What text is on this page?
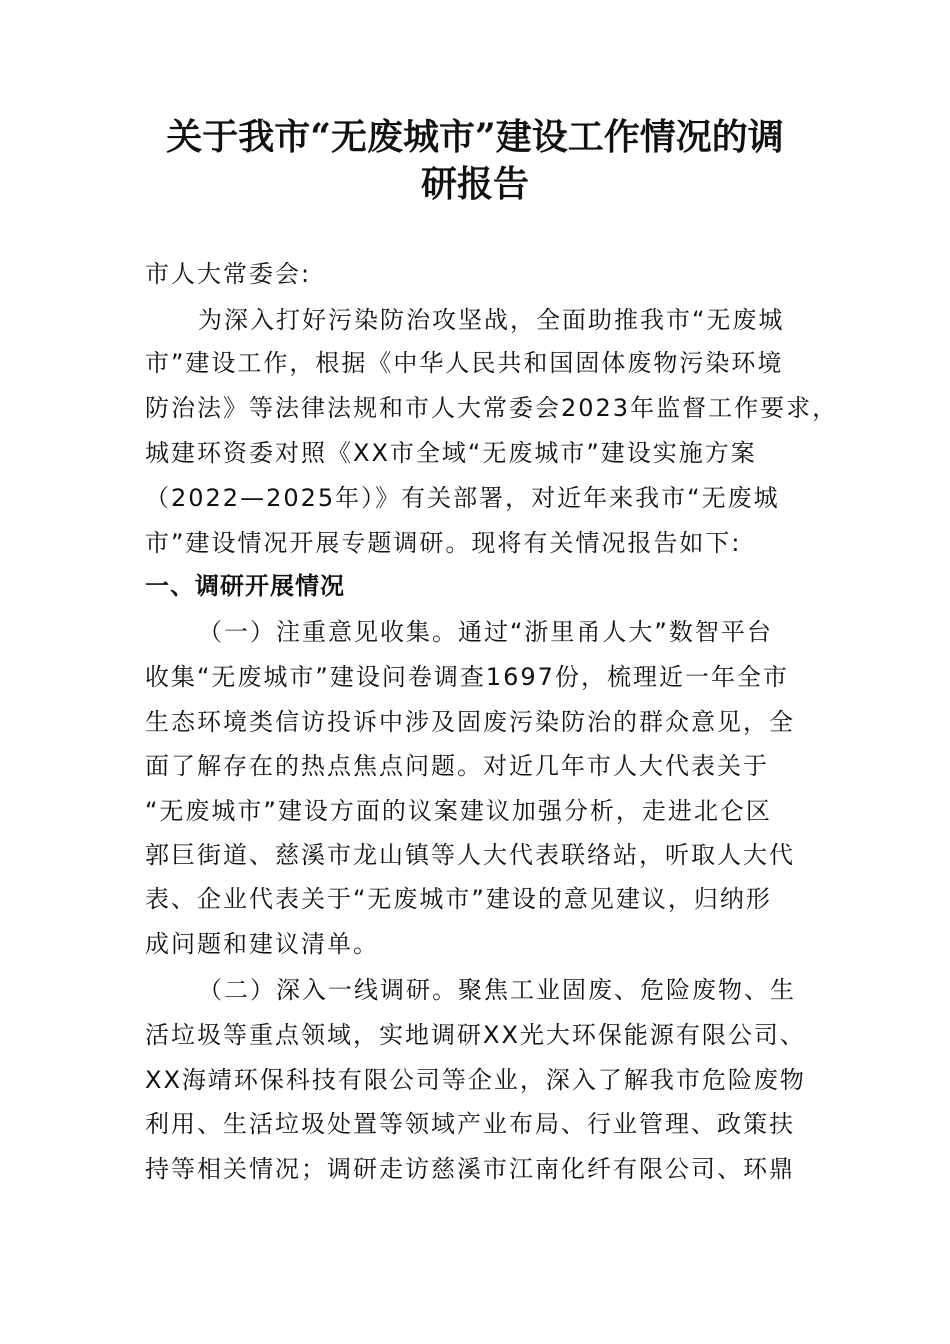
关于我市“无废城市”建设工作情况的调
研报告

市人大常委会:

为深入打好污染防治攻坚战，全面助推我市“无废城

市”建设工作，根据《中华人民共和国固体废物污染环境

防治法》等法律法规和市人大常委会2023年监督工作要求，

城建环资委对照《XX市全域“无废城市”建设实施方案

（2022—2025年）》有关部署，对近年来我市“无废城

市”建设情况开展专题调研。现将有关情况报告如下:

一、调研开展情况

（一）注重意见收集。通过“浙里甬人大”数智平台

收集“无废城市”建设问卷调查1697份，梳理近一年全市

生态环境类信访投诉中涉及固废污染防治的群众意见，全

面了解存在的热点焦点问题。对近几年市人大代表关于

“无废城市”建设方面的议案建议加强分析，走进北仑区

郭巨街道、慈溪市龙山镇等人大代表联络站，听取人大代

表、企业代表关于“无废城市”建设的意见建议，归纳形

成问题和建议清单。

（二）深入一线调研。聚焦工业固废、危险废物、生

活垃圾等重点领域，实地调研XX光大环保能源有限公司、

XX海靖环保科技有限公司等企业，深入了解我市危险废物

利用、生活垃圾处置等领域产业布局、行业管理、政策扶

持等相关情况；调研走访慈溪市江南化纤有限公司、环鼎
